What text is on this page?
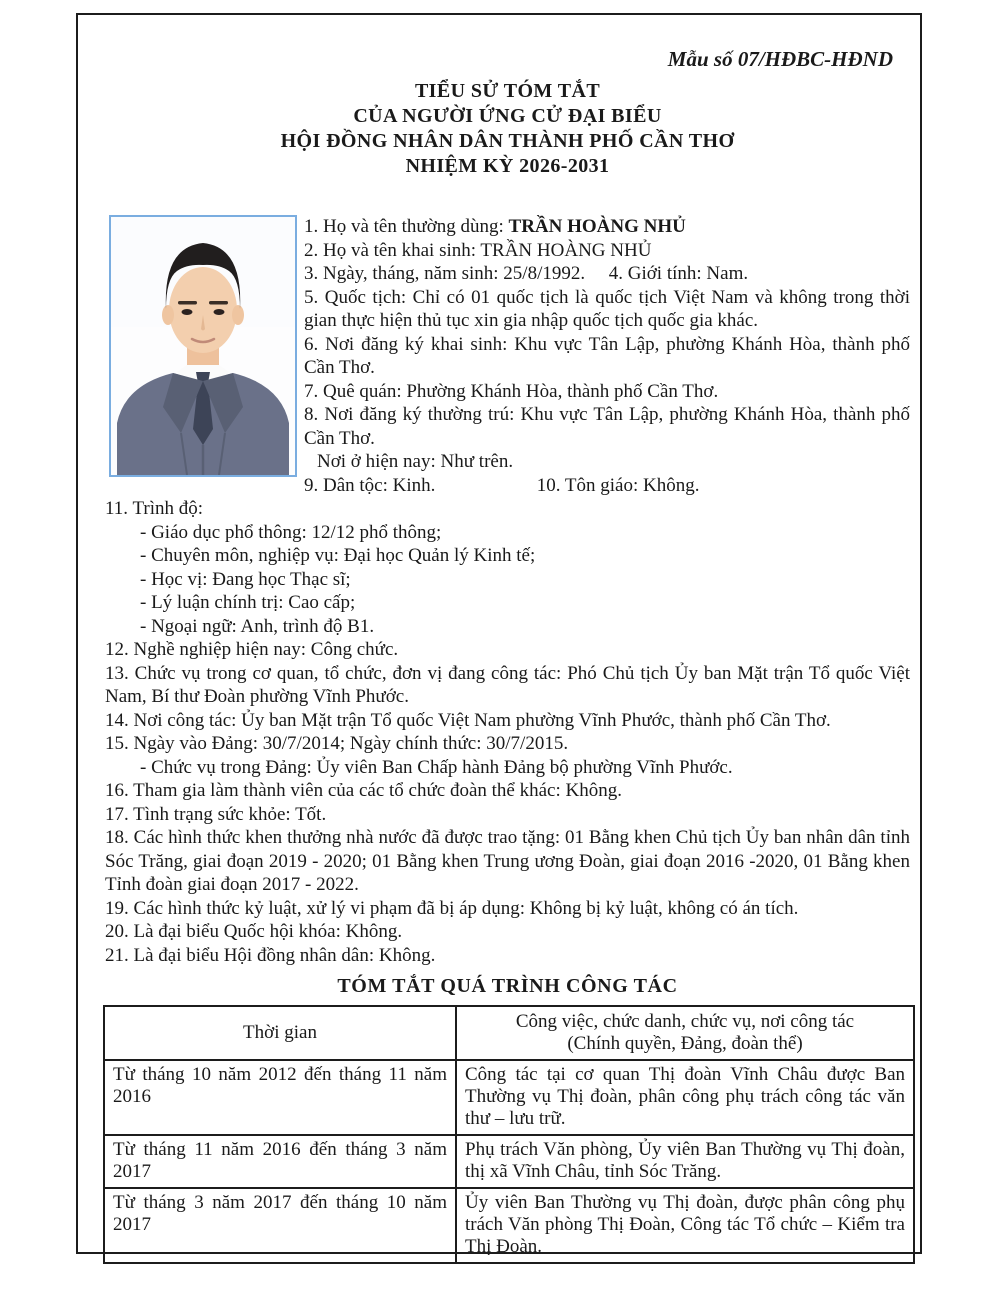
Mẫu số 07/HĐBC-HĐND

TIỂU SỬ TÓM TẮT

CỦA NGƯỜI ỨNG CỬ ĐẠI BIỂU

HỘI ĐỒNG NHÂN DÂN THÀNH PHỐ CẦN THƠ

NHIỆM KỲ 2026-2031

1. Họ và tên thường dùng: TRẦN HOÀNG NHỦ

2. Họ và tên khai sinh: TRẦN HOÀNG NHỦ

3. Ngày, tháng, năm sinh: 25/8/1992. 4. Giới tính: Nam.

5. Quốc tịch: Chỉ có 01 quốc tịch là quốc tịch Việt Nam và không trong thời gian thực hiện thủ tục xin gia nhập quốc tịch quốc gia khác.

6. Nơi đăng ký khai sinh: Khu vực Tân Lập, phường Khánh Hòa, thành phố Cần Thơ.

7. Quê quán: Phường Khánh Hòa, thành phố Cần Thơ.

8. Nơi đăng ký thường trú: Khu vực Tân Lập, phường Khánh Hòa, thành phố Cần Thơ.

Nơi ở hiện nay: Như trên.

9. Dân tộc: Kinh.	10. Tôn giáo: Không.

11. Trình độ:

- Giáo dục phổ thông: 12/12 phổ thông;

- Chuyên môn, nghiệp vụ: Đại học Quản lý Kinh tế;

- Học vị: Đang học Thạc sĩ;

- Lý luận chính trị: Cao cấp;

- Ngoại ngữ: Anh, trình độ B1.

12. Nghề nghiệp hiện nay: Công chức.

13. Chức vụ trong cơ quan, tổ chức, đơn vị đang công tác: Phó Chủ tịch Ủy ban Mặt trận Tổ quốc Việt Nam, Bí thư Đoàn phường Vĩnh Phước.

14. Nơi công tác: Ủy ban Mặt trận Tổ quốc Việt Nam phường Vĩnh Phước, thành phố Cần Thơ.

15. Ngày vào Đảng: 30/7/2014; Ngày chính thức: 30/7/2015.

- Chức vụ trong Đảng: Ủy viên Ban Chấp hành Đảng bộ phường Vĩnh Phước.

16. Tham gia làm thành viên của các tổ chức đoàn thể khác: Không.

17. Tình trạng sức khỏe: Tốt.

18. Các hình thức khen thưởng nhà nước đã được trao tặng: 01 Bằng khen Chủ tịch Ủy ban nhân dân tỉnh Sóc Trăng, giai đoạn 2019 - 2020; 01 Bằng khen Trung ương Đoàn, giai đoạn 2016 -2020, 01 Bằng khen Tỉnh đoàn giai đoạn 2017 - 2022.

19. Các hình thức kỷ luật, xử lý vi phạm đã bị áp dụng: Không bị kỷ luật, không có án tích.

20. Là đại biểu Quốc hội khóa: Không.

21. Là đại biểu Hội đồng nhân dân: Không.

TÓM TẮT QUÁ TRÌNH CÔNG TÁC
Thời gian	Công việc, chức danh, chức vụ, nơi công tác
(Chính quyền, Đảng, đoàn thể)
Từ tháng 10 năm 2012 đến tháng 11 năm 2016	Công tác tại cơ quan Thị đoàn Vĩnh Châu được Ban Thường vụ Thị đoàn, phân công phụ trách công tác văn thư – lưu trữ.
Từ tháng 11 năm 2016 đến tháng 3 năm 2017	Phụ trách Văn phòng, Ủy viên Ban Thường vụ Thị đoàn, thị xã Vĩnh Châu, tỉnh Sóc Trăng.
Từ tháng 3 năm 2017 đến tháng 10 năm 2017	Ủy viên Ban Thường vụ Thị đoàn, được phân công phụ trách Văn phòng Thị Đoàn, Công tác Tổ chức – Kiểm tra Thị Đoàn.
